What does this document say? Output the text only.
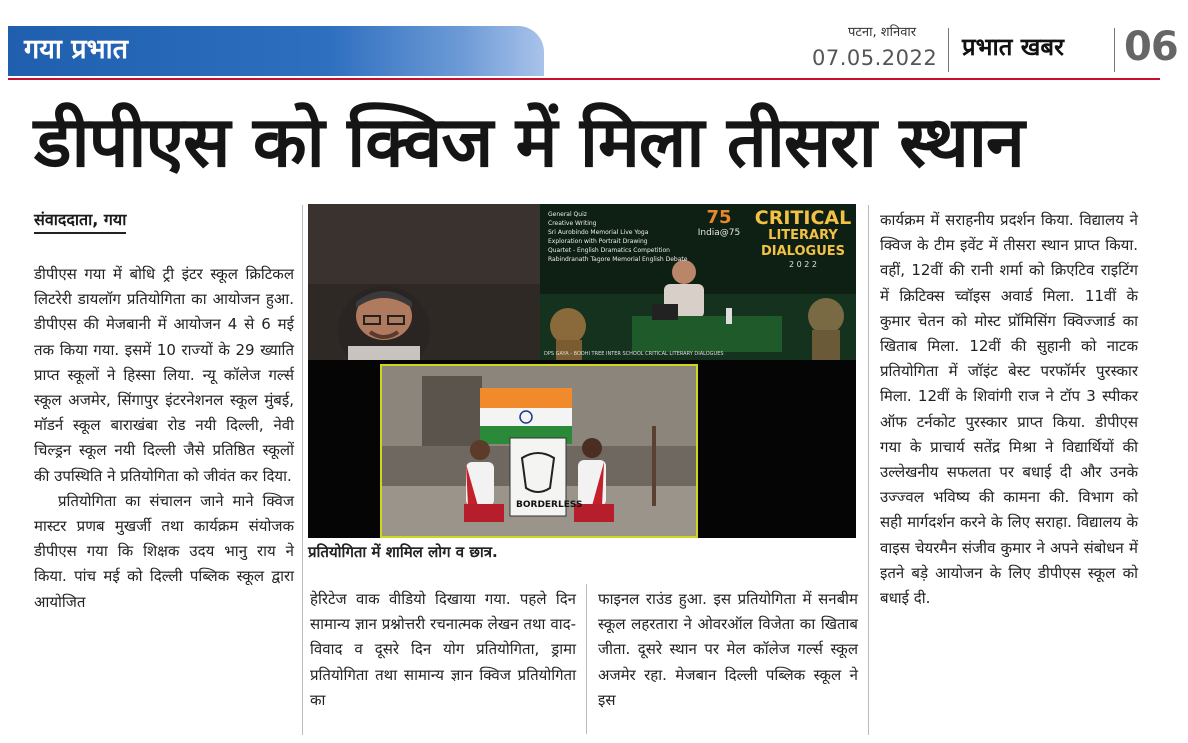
गया प्रभात
पटना, शनिवार
07.05.2022 प्रभात खबर 06
डीपीएस को क्विज में मिला तीसरा स्थान
संवाददाता, गया

डीपीएस गया में बोधि ट्री इंटर स्कूल क्रिटिकल लिटरेरी डायलॉग प्रतियोगिता का आयोजन हुआ. डीपीएस की मेजबानी में आयोजन 4 से 6 मई तक किया गया. इसमें 10 राज्यों के 29 ख्याति प्राप्त स्कूलों ने हिस्सा लिया. न्यू कॉलेज गर्ल्स स्कूल अजमेर, सिंगापुर इंटरनेशनल स्कूल मुंबई, मॉडर्न स्कूल बाराखंबा रोड नयी दिल्ली, नेवी चिल्ड्रन स्कूल नयी दिल्ली जैसे प्रतिष्ठित स्कूलों की उपस्थिति ने प्रतियोगिता को जीवंत कर दिया.

प्रतियोगिता का संचालन जाने माने क्विज मास्टर प्रणब मुखर्जी तथा कार्यक्रम संयोजक डीपीएस गया कि शिक्षक उदय भानु राय ने किया. पांच मई को दिल्ली पब्लिक स्कूल द्वारा आयोजित

General Quiz
Creative Writing
Sri Aurobindo Memorial Live Yoga
Exploration with Portrait Drawing
Quartet - English Dramatics Competition
Rabindranath Tagore Memorial English Debate
75
India@75
CRITICAL
LITERARY
DIALOGUES
2 0 2 2
DPS GAYA - BODHI TREE INTER SCHOOL CRITICAL LITERARY DIALOGUES
BORDERLESS
प्रतियोगिता में शामिल लोग व छात्र.

हेरिटेज वाक वीडियो दिखाया गया. पहले दिन सामान्य ज्ञान प्रश्नोत्तरी रचनात्मक लेखन तथा वाद-विवाद व दूसरे दिन योग प्रतियोगिता, ड्रामा प्रतियोगिता तथा सामान्य ज्ञान क्विज प्रतियोगिता का

फाइनल राउंड हुआ. इस प्रतियोगिता में सनबीम स्कूल लहरतारा ने ओवरऑल विजेता का खिताब जीता. दूसरे स्थान पर मेल कॉलेज गर्ल्स स्कूल अजमेर रहा. मेजबान दिल्ली पब्लिक स्कूल ने इस

कार्यक्रम में सराहनीय प्रदर्शन किया. विद्यालय ने क्विज के टीम इवेंट में तीसरा स्थान प्राप्त किया. वहीं, 12वीं की रानी शर्मा को क्रिएटिव राइटिंग में क्रिटिक्स च्वॉइस अवार्ड मिला. 11वीं के कुमार चेतन को मोस्ट प्रॉमिसिंग क्विज्जार्ड का खिताब मिला. 12वीं की सुहानी को नाटक प्रतियोगिता में जॉइंट बेस्ट परफॉर्मर पुरस्कार मिला. 12वीं के शिवांगी राज ने टॉप 3 स्पीकर ऑफ टर्नकोट पुरस्कार प्राप्त किया. डीपीएस गया के प्राचार्य सतेंद्र मिश्रा ने विद्यार्थियों की उल्लेखनीय सफलता पर बधाई दी और उनके उज्ज्वल भविष्य की कामना की. विभाग को सही मार्गदर्शन करने के लिए सराहा. विद्यालय के वाइस चेयरमैन संजीव कुमार ने अपने संबोधन में इतने बड़े आयोजन के लिए डीपीएस स्कूल को बधाई दी.
